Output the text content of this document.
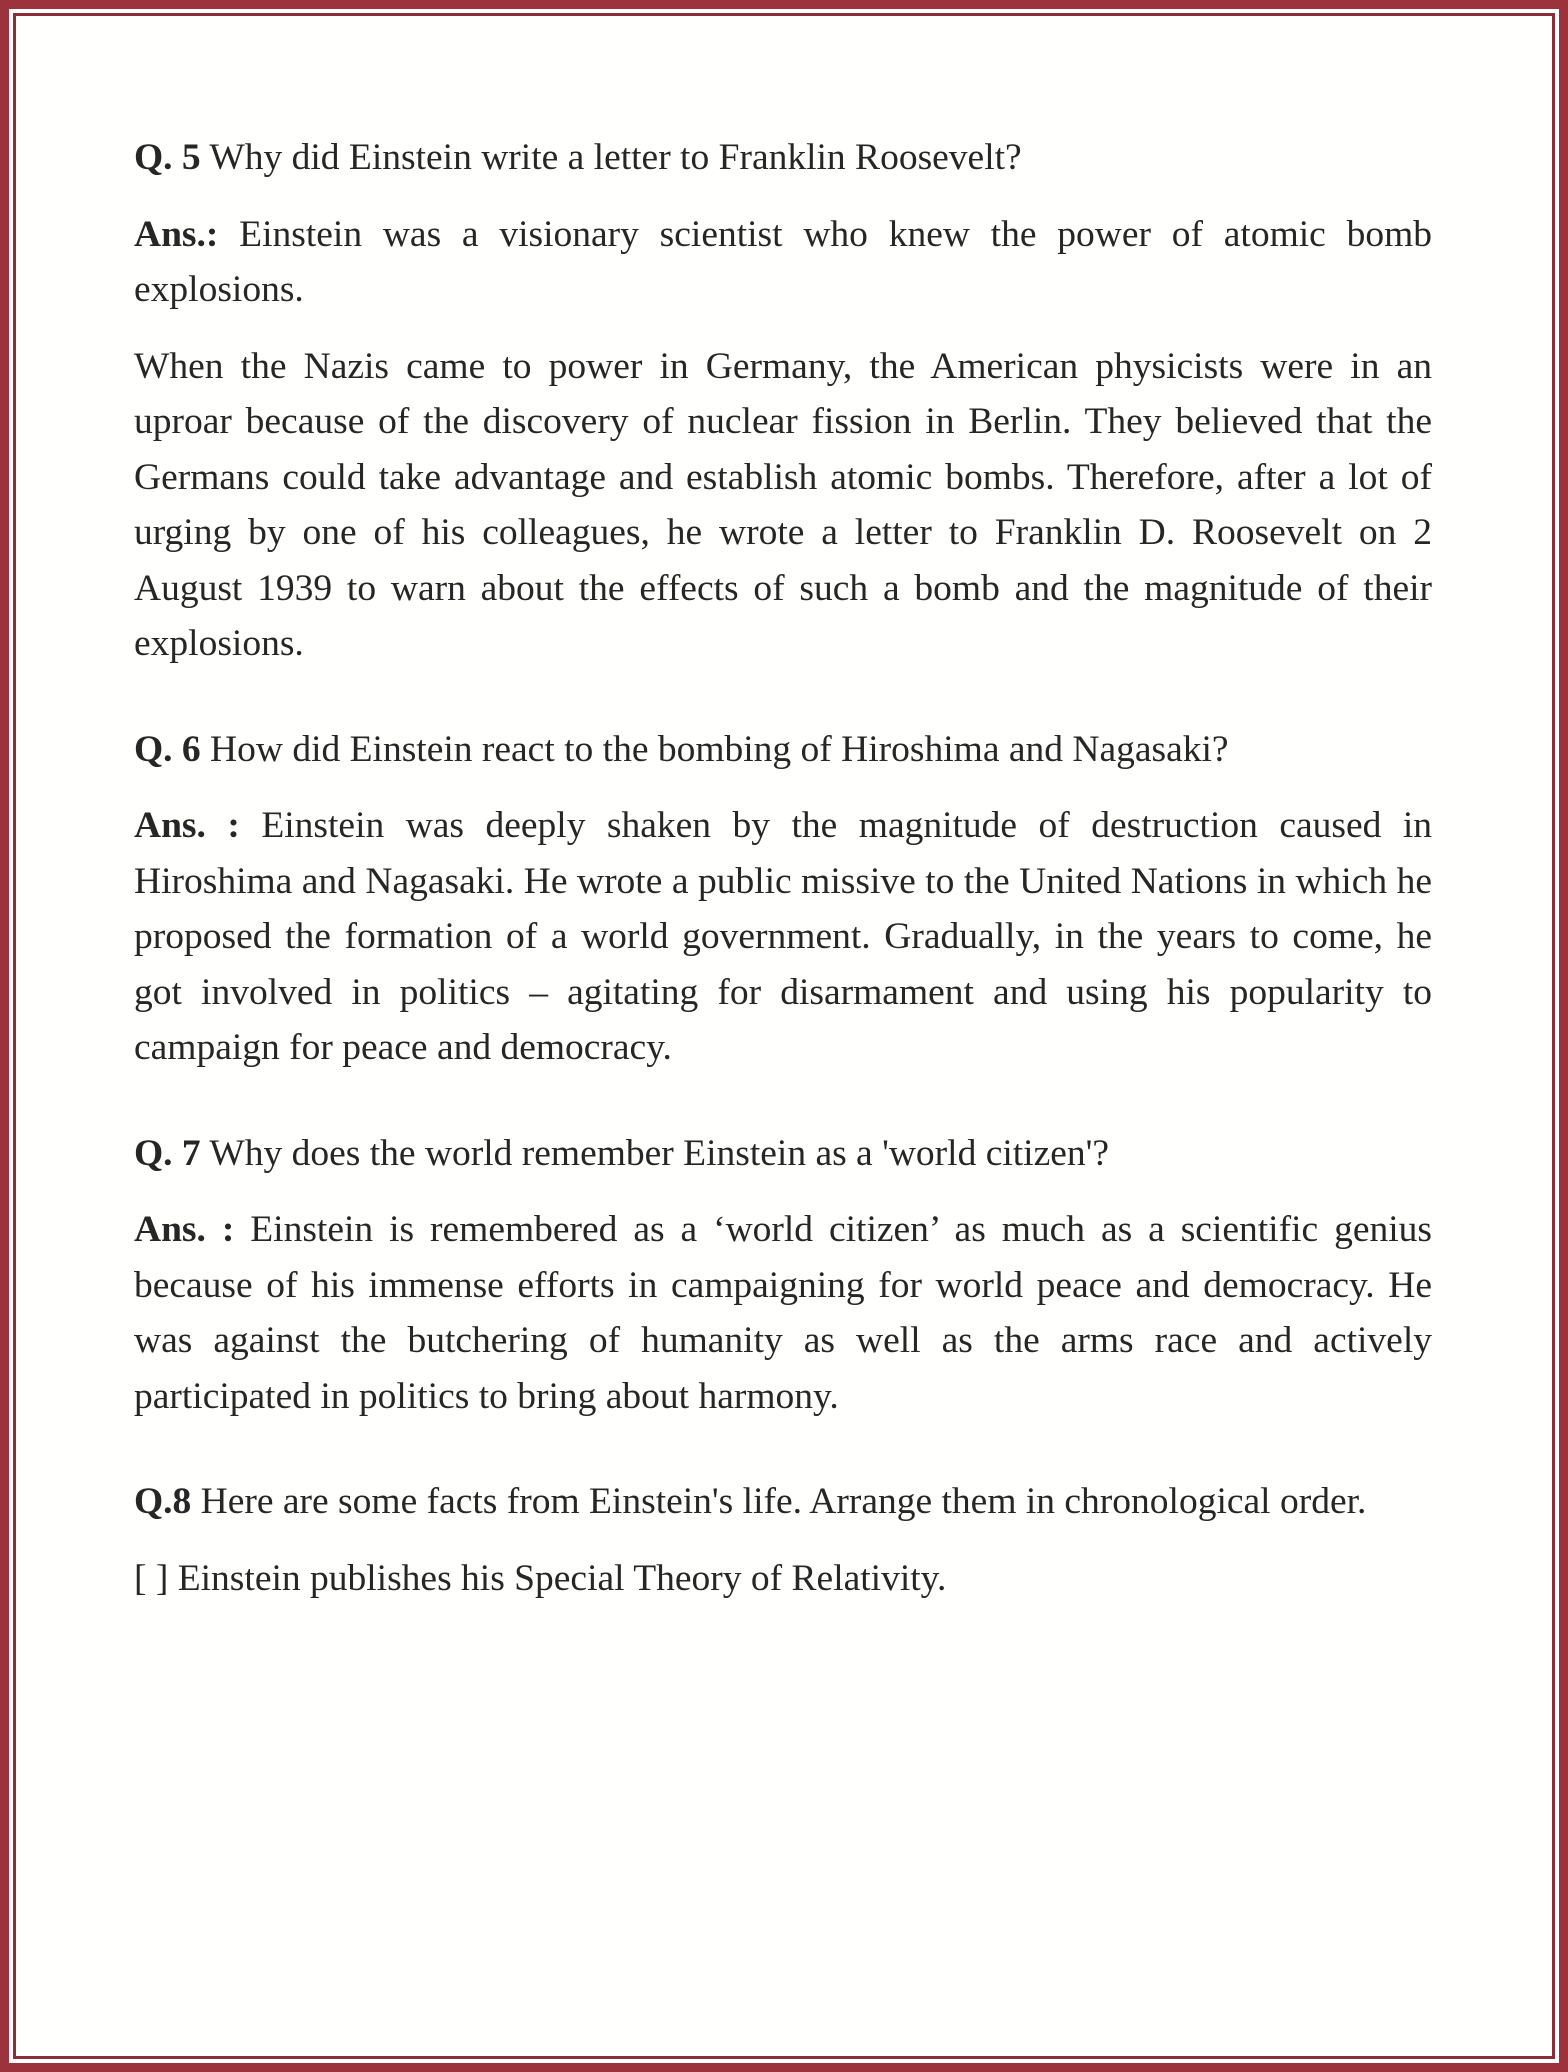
Q. 5 Why did Einstein write a letter to Franklin Roosevelt?

Ans.: Einstein was a visionary scientist who knew the power of atomic bomb explosions.

When the Nazis came to power in Germany, the American physicists were in an uproar because of the discovery of nuclear fission in Berlin. They believed that the Germans could take advantage and establish atomic bombs. Therefore, after a lot of urging by one of his colleagues, he wrote a letter to Franklin D. Roosevelt on 2 August 1939 to warn about the effects of such a bomb and the magnitude of their explosions.

Q. 6 How did Einstein react to the bombing of Hiroshima and Nagasaki?

Ans. : Einstein was deeply shaken by the magnitude of destruction caused in Hiroshima and Nagasaki. He wrote a public missive to the United Nations in which he proposed the formation of a world government. Gradually, in the years to come, he got involved in politics – agitating for disarmament and using his popularity to campaign for peace and democracy.

Q. 7 Why does the world remember Einstein as a 'world citizen'?

Ans. : Einstein is remembered as a ‘world citizen’ as much as a scientific genius because of his immense efforts in campaigning for world peace and democracy. He was against the butchering of humanity as well as the arms race and actively participated in politics to bring about harmony.

Q.8 Here are some facts from Einstein's life. Arrange them in chronological order.

[ ] Einstein publishes his Special Theory of Relativity.
